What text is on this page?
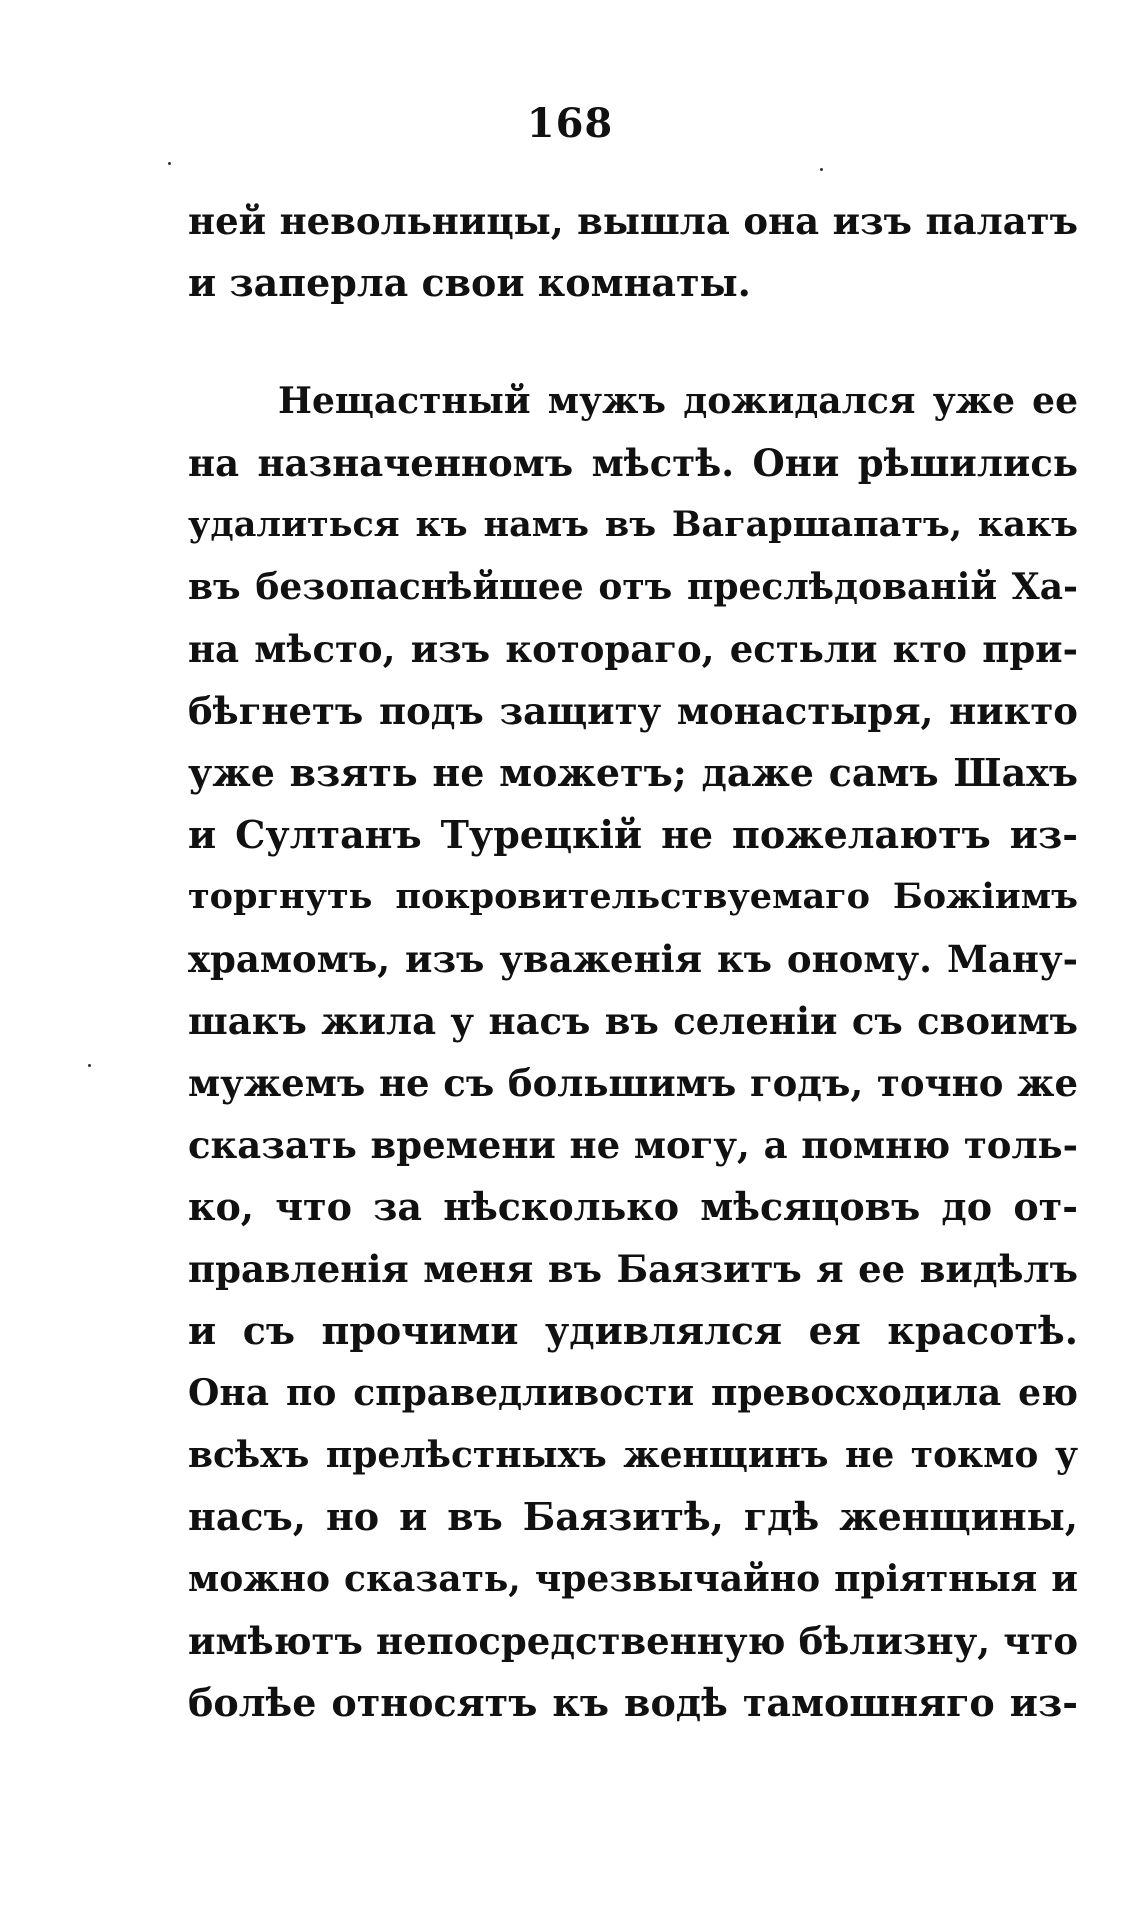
168
ней невольницы, вышла она изъ палатъ
и заперла свои комнаты.
Нещастный мужъ дожидался уже ее
на назначенномъ мѣстѣ. Они рѣшились
удалиться къ намъ въ Вагаршапатъ, какъ
въ безопаснѣйшее отъ преслѣдованій Ха-
на мѣсто, изъ котораго, естьли кто при-
бѣгнетъ подъ защиту монастыря, никто
уже взять не можетъ; даже самъ Шахъ
и Султанъ Турецкій не пожелаютъ из-
торгнуть покровительствуемаго Божіимъ
храмомъ, изъ уваженія къ оному. Ману-
шакъ жила у насъ въ селеніи съ своимъ
мужемъ не съ большимъ годъ, точно же
сказать времени не могу, а помню толь-
ко, что за нѣсколько мѣсяцовъ до от-
правленія меня въ Баязитъ я ее видѣлъ
и съ прочими удивлялся ея красотѣ.
Она по справедливости превосходила ею
всѣхъ прелѣстныхъ женщинъ не токмо у
насъ, но и въ Баязитѣ, гдѣ женщины,
можно сказать, чрезвычайно пріятныя и
имѣютъ непосредственную бѣлизну, что
болѣе относятъ къ водѣ тамошняго из-
